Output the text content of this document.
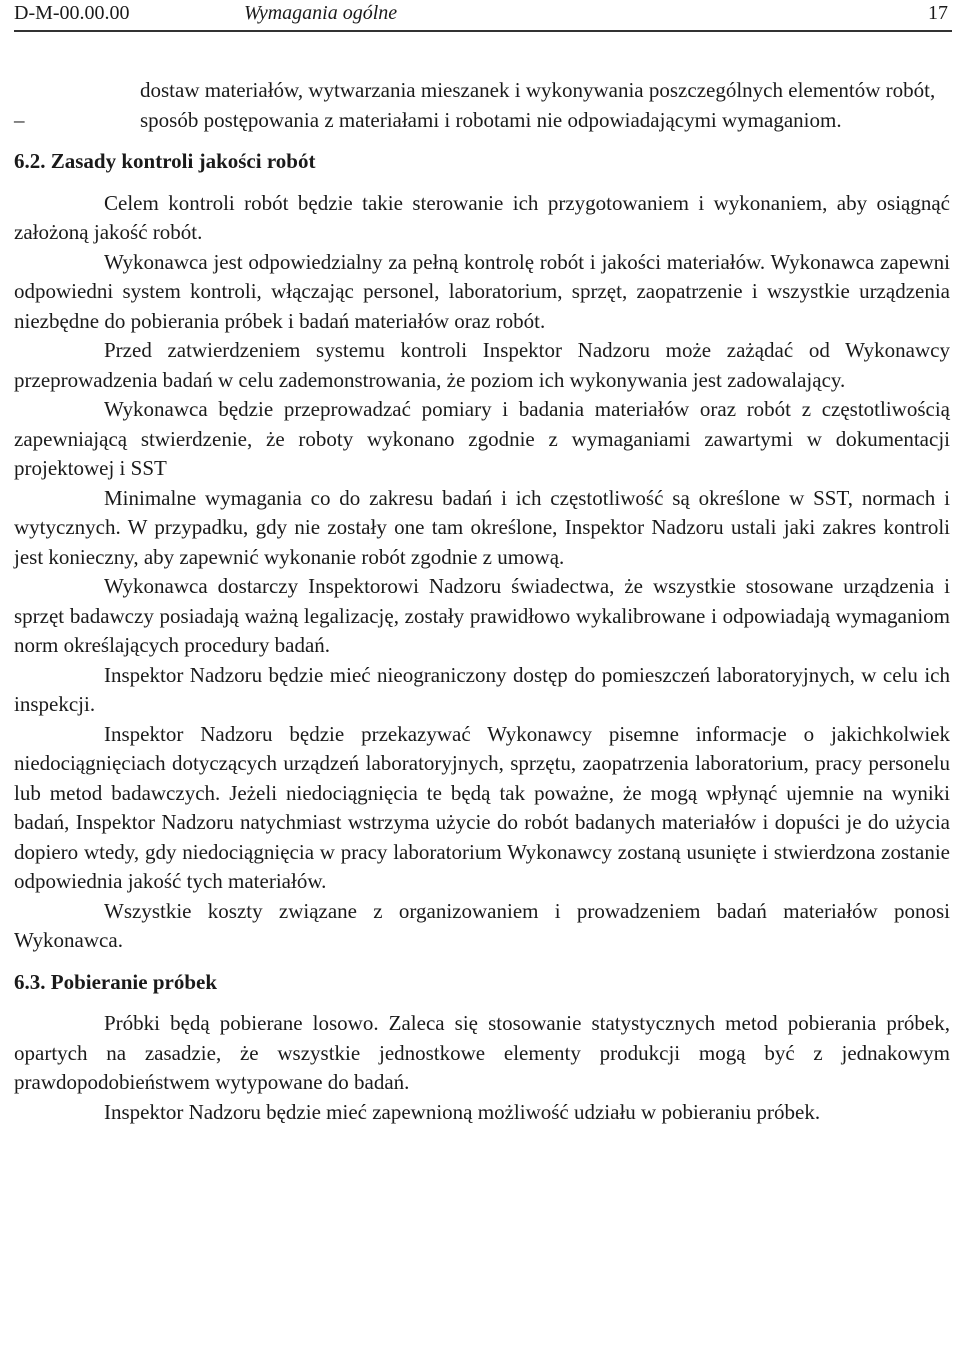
D-M-00.00.00	Wymagania ogólne	17

dostaw materiałów, wytwarzania mieszanek i wykonywania poszczególnych elementów robót,

–	sposób postępowania z materiałami i robotami nie odpowiadającymi wymaganiom.

6.2. Zasady kontroli jakości robót

Celem kontroli robót będzie takie sterowanie ich przygotowaniem i wykonaniem, aby osiągnąć założoną jakość robót.

Wykonawca jest odpowiedzialny za pełną kontrolę robót i jakości materiałów. Wykonawca zapewni odpowiedni system kontroli, włączając personel, laboratorium, sprzęt, zaopatrzenie i wszystkie urządzenia niezbędne do pobierania próbek i badań materiałów oraz robót.

Przed zatwierdzeniem systemu kontroli Inspektor Nadzoru może zażądać od Wykonawcy przeprowadzenia badań w celu zademonstrowania, że poziom ich wykonywania jest zadowalający.

Wykonawca będzie przeprowadzać pomiary i badania materiałów oraz robót z częstotliwością zapewniającą stwierdzenie, że roboty wykonano zgodnie z wymaganiami zawartymi w dokumentacji projektowej i SST

Minimalne wymagania co do zakresu badań i ich częstotliwość są określone w SST, normach i wytycznych. W przypadku, gdy nie zostały one tam określone, Inspektor Nadzoru ustali jaki zakres kontroli jest konieczny, aby zapewnić wykonanie robót zgodnie z umową.

Wykonawca dostarczy Inspektorowi Nadzoru świadectwa, że wszystkie stosowane urządzenia i sprzęt badawczy posiadają ważną legalizację, zostały prawidłowo wykalibrowane i odpowiadają wymaganiom norm określających procedury badań.

Inspektor Nadzoru będzie mieć nieograniczony dostęp do pomieszczeń laboratoryjnych, w celu ich inspekcji.

Inspektor Nadzoru będzie przekazywać Wykonawcy pisemne informacje o jakichkolwiek niedociągnięciach dotyczących urządzeń laboratoryjnych, sprzętu, zaopatrzenia laboratorium, pracy personelu lub metod badawczych. Jeżeli niedociągnięcia te będą tak poważne, że mogą wpłynąć ujemnie na wyniki badań, Inspektor Nadzoru natychmiast wstrzyma użycie do robót badanych materiałów i dopuści je do użycia dopiero wtedy, gdy niedociągnięcia w pracy laboratorium Wykonawcy zostaną usunięte i stwierdzona zostanie odpowiednia jakość tych materiałów.

Wszystkie koszty związane z organizowaniem i prowadzeniem badań materiałów ponosi Wykonawca.

6.3. Pobieranie próbek

Próbki będą pobierane losowo. Zaleca się stosowanie statystycznych metod pobierania próbek, opartych na zasadzie, że wszystkie jednostkowe elementy produkcji mogą być z jednakowym prawdopodobieństwem wytypowane do badań.

Inspektor Nadzoru będzie mieć zapewnioną możliwość udziału w pobieraniu próbek.
